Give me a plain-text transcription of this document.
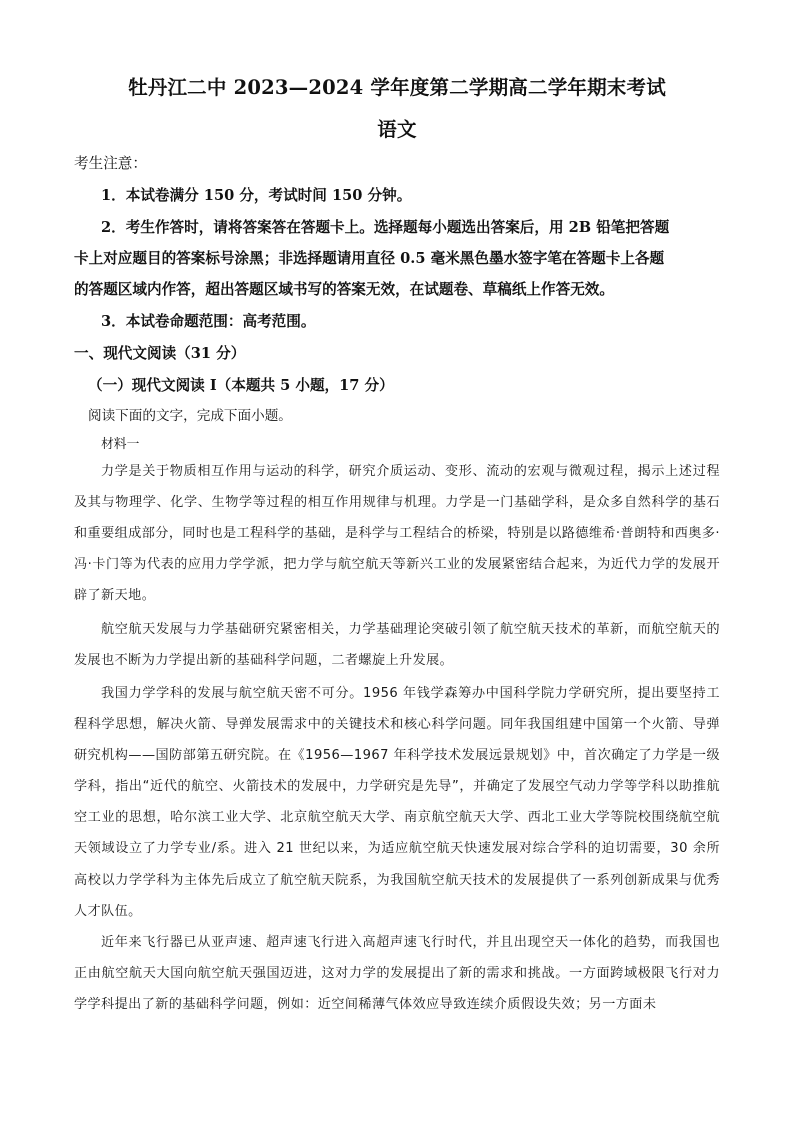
牡丹江二中 2023—2024 学年度第二学期高二学年期末考试
语文
考生注意：
1．本试卷满分 150 分，考试时间 150 分钟。
2．考生作答时，请将答案答在答题卡上。选择题每小题选出答案后，用 2B 铅笔把答题
卡上对应题目的答案标号涂黑；非选择题请用直径 0.5 毫米黑色墨水签字笔在答题卡上各题
的答题区域内作答，超出答题区域书写的答案无效，在试题卷、草稿纸上作答无效。
3．本试卷命题范围：高考范围。
一、现代文阅读（31 分）
（一）现代文阅读 I（本题共 5 小题，17 分）
阅读下面的文字，完成下面小题。
材料一
力学是关于物质相互作用与运动的科学，研究介质运动、变形、流动的宏观与微观过程，揭示上述过程及其与物理学、化学、生物学等过程的相互作用规律与机理。力学是一门基础学科，是众多自然科学的基石和重要组成部分，同时也是工程科学的基础，是科学与工程结合的桥梁，特别是以路德维希·普朗特和西奥多·冯·卡门等为代表的应用力学学派，把力学与航空航天等新兴工业的发展紧密结合起来，为近代力学的发展开辟了新天地。
航空航天发展与力学基础研究紧密相关，力学基础理论突破引领了航空航天技术的革新，而航空航天的发展也不断为力学提出新的基础科学问题，二者螺旋上升发展。
我国力学学科的发展与航空航天密不可分。1956 年钱学森筹办中国科学院力学研究所，提出要坚持工程科学思想，解决火箭、导弹发展需求中的关键技术和核心科学问题。同年我国组建中国第一个火箭、导弹研究机构——国防部第五研究院。在《1956—1967 年科学技术发展远景规划》中，首次确定了力学是一级学科，指出“近代的航空、火箭技术的发展中，力学研究是先导”，并确定了发展空气动力学等学科以助推航空工业的思想，哈尔滨工业大学、北京航空航天大学、南京航空航天大学、西北工业大学等院校围绕航空航天领域设立了力学专业/系。进入 21 世纪以来，为适应航空航天快速发展对综合学科的迫切需要，30 余所高校以力学学科为主体先后成立了航空航天院系，为我国航空航天技术的发展提供了一系列创新成果与优秀人才队伍。
近年来飞行器已从亚声速、超声速飞行进入高超声速飞行时代，并且出现空天一体化的趋势，而我国也正由航空航天大国向航空航天强国迈进，这对力学的发展提出了新的需求和挑战。一方面跨域极限飞行对力学学科提出了新的基础科学问题，例如：近空间稀薄气体效应导致连续介质假设失效；另一方面未
